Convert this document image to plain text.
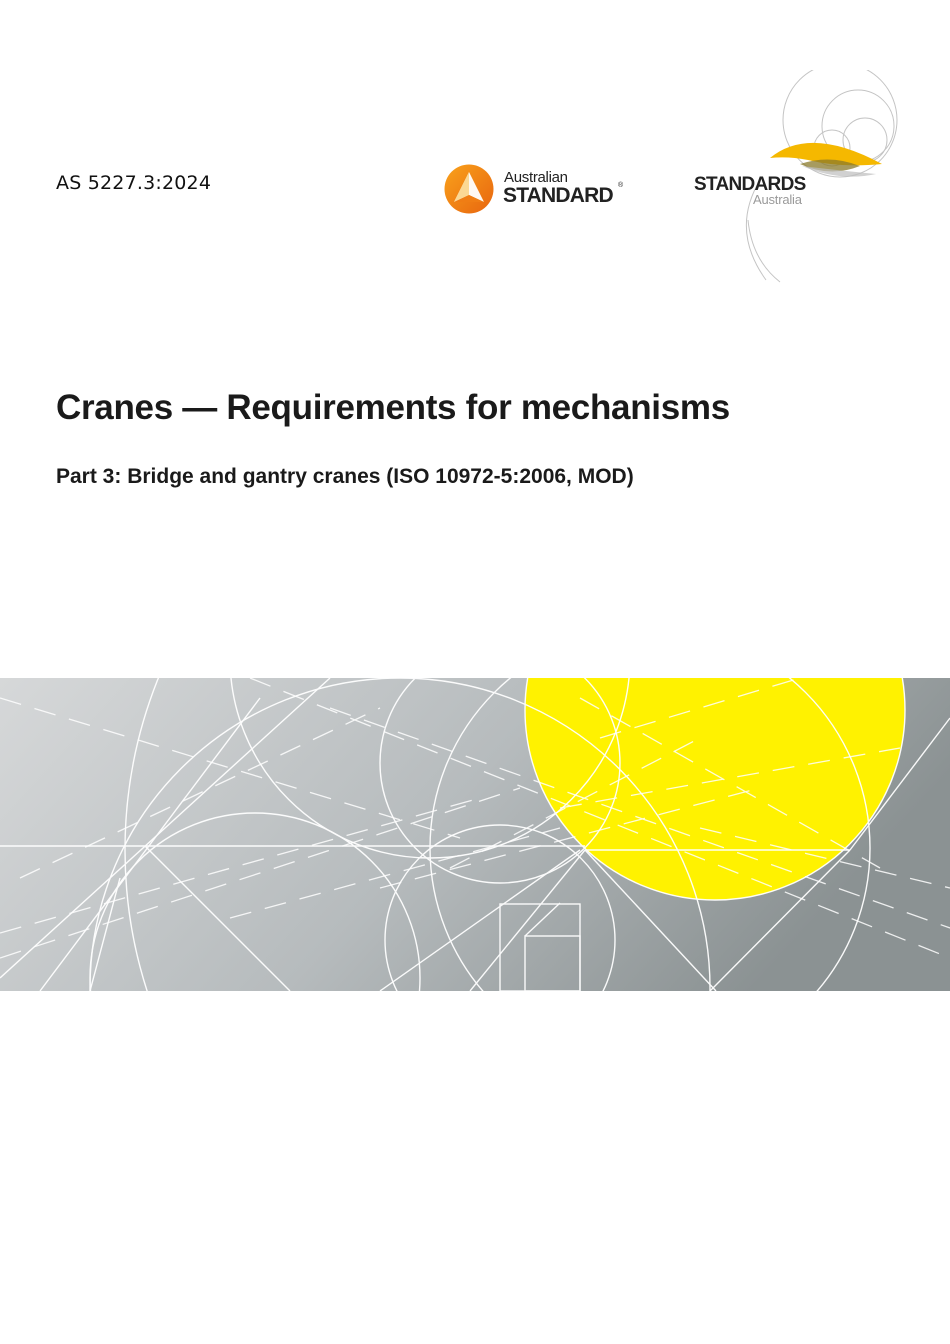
AS 5227.3:2024	Australian
STANDARD ®	STANDARDS
Australia
Cranes — Requirements for mechanisms
Part 3: Bridge and gantry cranes (ISO 10972-5:2006, MOD)
